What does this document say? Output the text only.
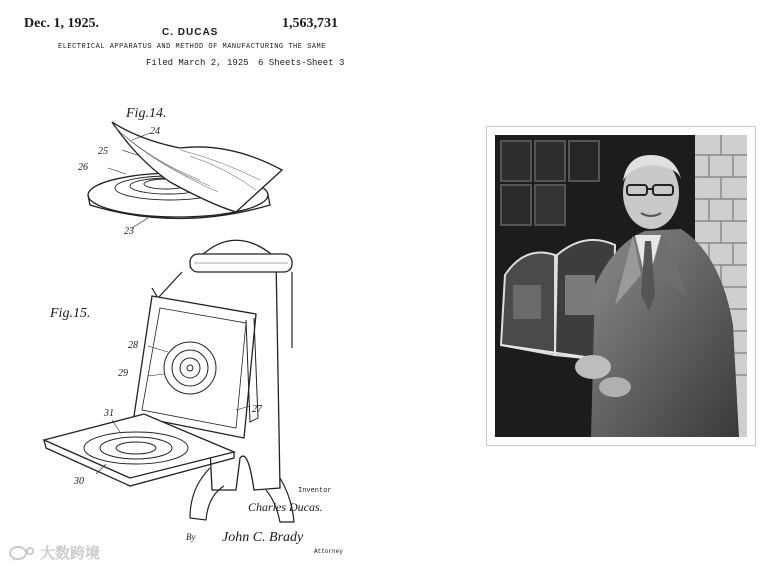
Dec. 1, 1925.
C. DUCAS
1,563,731
ELECTRICAL APPARATUS AND METHOD OF MANUFACTURING THE SAME
Filed March 2, 1925 6 Sheets-Sheet 3
Fig.14.
24
25
26
23
Fig.15.
28
29
31	27
30
Inventor
Charles Ducas.
By John C. Brady
Attorney
大数跨境
